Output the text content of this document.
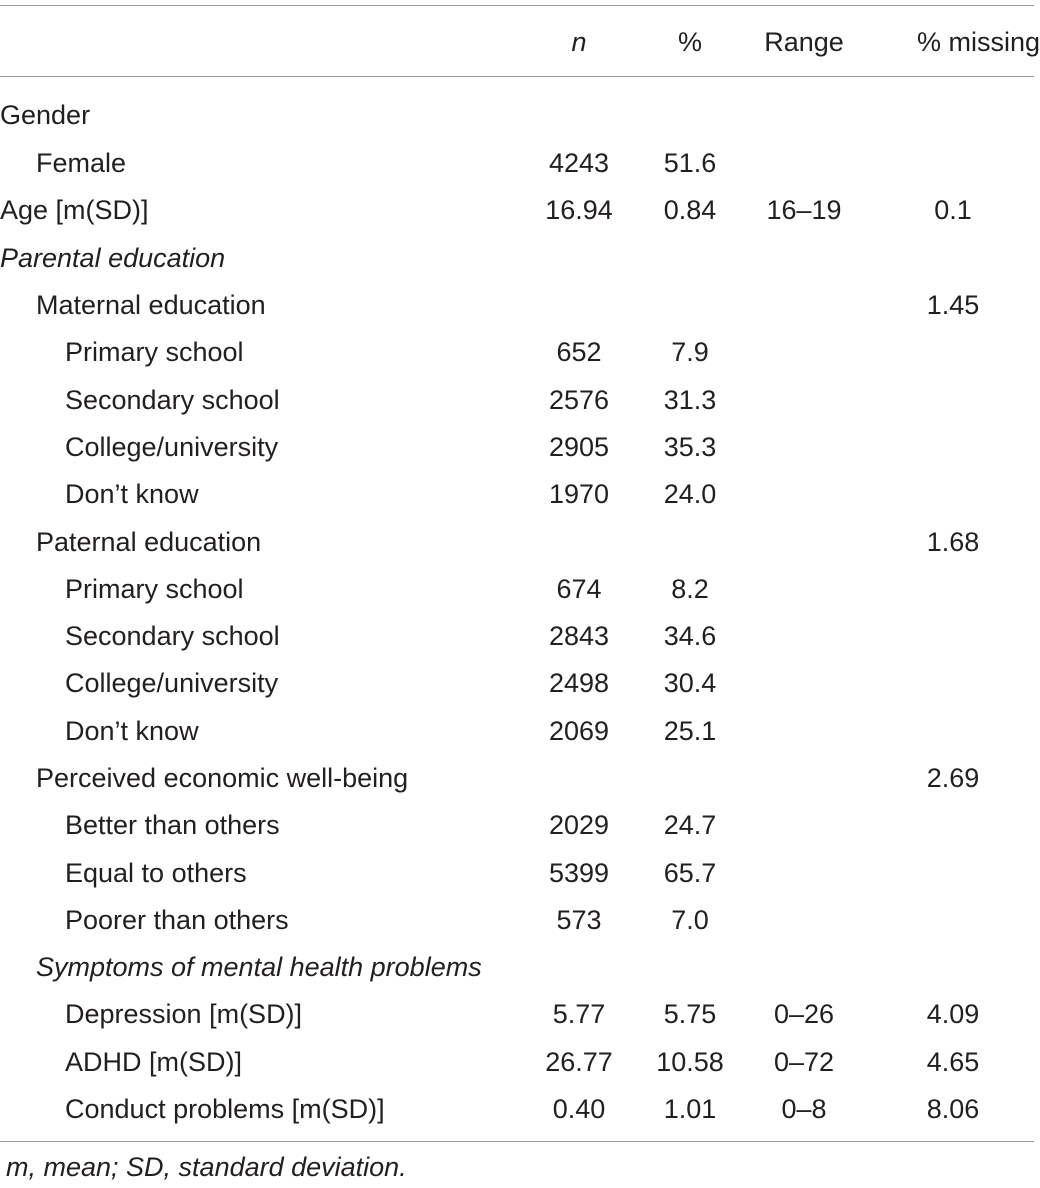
	n	%	Range	% missing
Gender				
Female	4243	51.6		
Age [m(SD)]	16.94	0.84	16–19	0.1
Parental education				
Maternal education				1.45
Primary school	652	7.9		
Secondary school	2576	31.3		
College/university	2905	35.3		
Don’t know	1970	24.0		
Paternal education				1.68
Primary school	674	8.2		
Secondary school	2843	34.6		
College/university	2498	30.4		
Don’t know	2069	25.1		
Perceived economic well-being				2.69
Better than others	2029	24.7		
Equal to others	5399	65.7		
Poorer than others	573	7.0		
Symptoms of mental health problems				
Depression [m(SD)]	5.77	5.75	0–26	4.09
ADHD [m(SD)]	26.77	10.58	0–72	4.65
Conduct problems [m(SD)]	0.40	1.01	0–8	8.06
m, mean; SD, standard deviation.
